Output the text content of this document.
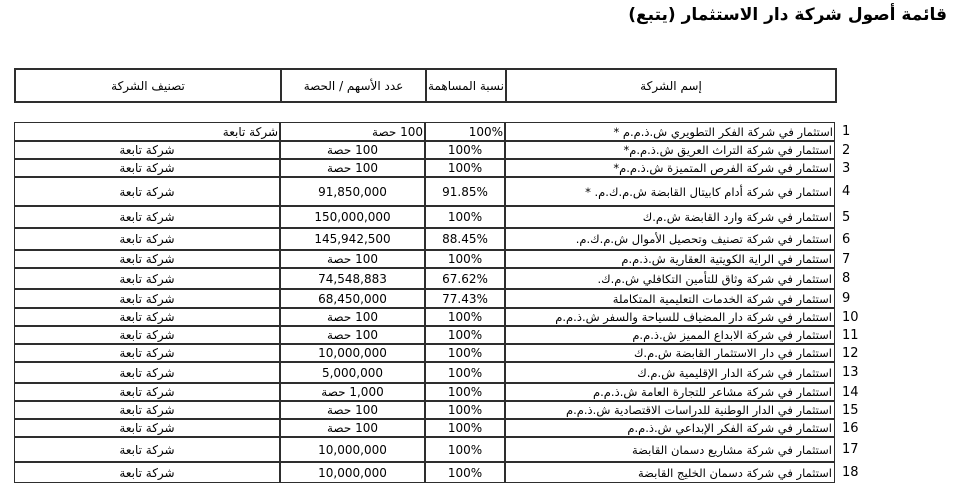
قائمة أصول شركة دار الاستثمار (يتبع)
تصنيف الشركة	عدد الأسهم / الحصة	نسبة المساهمة	إسم الشركة
شركة تابعة	100 حصة	100%	استثمار في شركة الفكر التطويري ش.ذ.م.م *	1
شركة تابعة	100 حصة	100%	استثمار في شركة التراث العريق ش.ذ.م.م*	2
شركة تابعة	100 حصة	100%	استثمار في شركة الفرص المتميزة ش.ذ.م.م*	3
شركة تابعة	91,850,000	91.85%	استثمار في شركة أدام كابيتال القابضة ش.م.ك.م. *	4
شركة تابعة	150,000,000	100%	استثمار في شركة وارد القابضة ش.م.ك	5
شركة تابعة	145,942,500	88.45%	استثمار في شركة تصنيف وتحصيل الأموال ش.م.ك.م.	6
شركة تابعة	100 حصة	100%	استثمار في الراية الكويتية العقارية ش.ذ.م.م	7
شركة تابعة	74,548,883	67.62%	استثمار في شركة وثاق للتأمين التكافلي ش.م.ك.	8
شركة تابعة	68,450,000	77.43%	استثمار في شركة الخدمات التعليمية المتكاملة	9
شركة تابعة	100 حصة	100%	استثمار في شركة دار المضياف للسياحة والسفر ش.ذ.م.م	10
شركة تابعة	100 حصة	100%	استثمار في شركة الابداع المميز ش.ذ.م.م	11
شركة تابعة	10,000,000	100%	استثمار في دار الاستثمار القابضة ش.م.ك	12
شركة تابعة	5,000,000	100%	استثمار في شركة الدار الإقليمية ش.م.ك	13
شركة تابعة	1,000 حصة	100%	استثمار في شركة مشاعر للتجارة العامة ش.ذ.م.م	14
شركة تابعة	100 حصة	100%	استثمار في الدار الوطنية للدراسات الاقتصادية ش.ذ.م.م	15
شركة تابعة	100 حصة	100%	استثمار في شركة الفكر الإبداعي ش.ذ.م.م	16
شركة تابعة	10,000,000	100%	استثمار في شركة مشاريع دسمان القابضة	17
شركة تابعة	10,000,000	100%	استثمار في شركة دسمان الخليج القابضة	18
